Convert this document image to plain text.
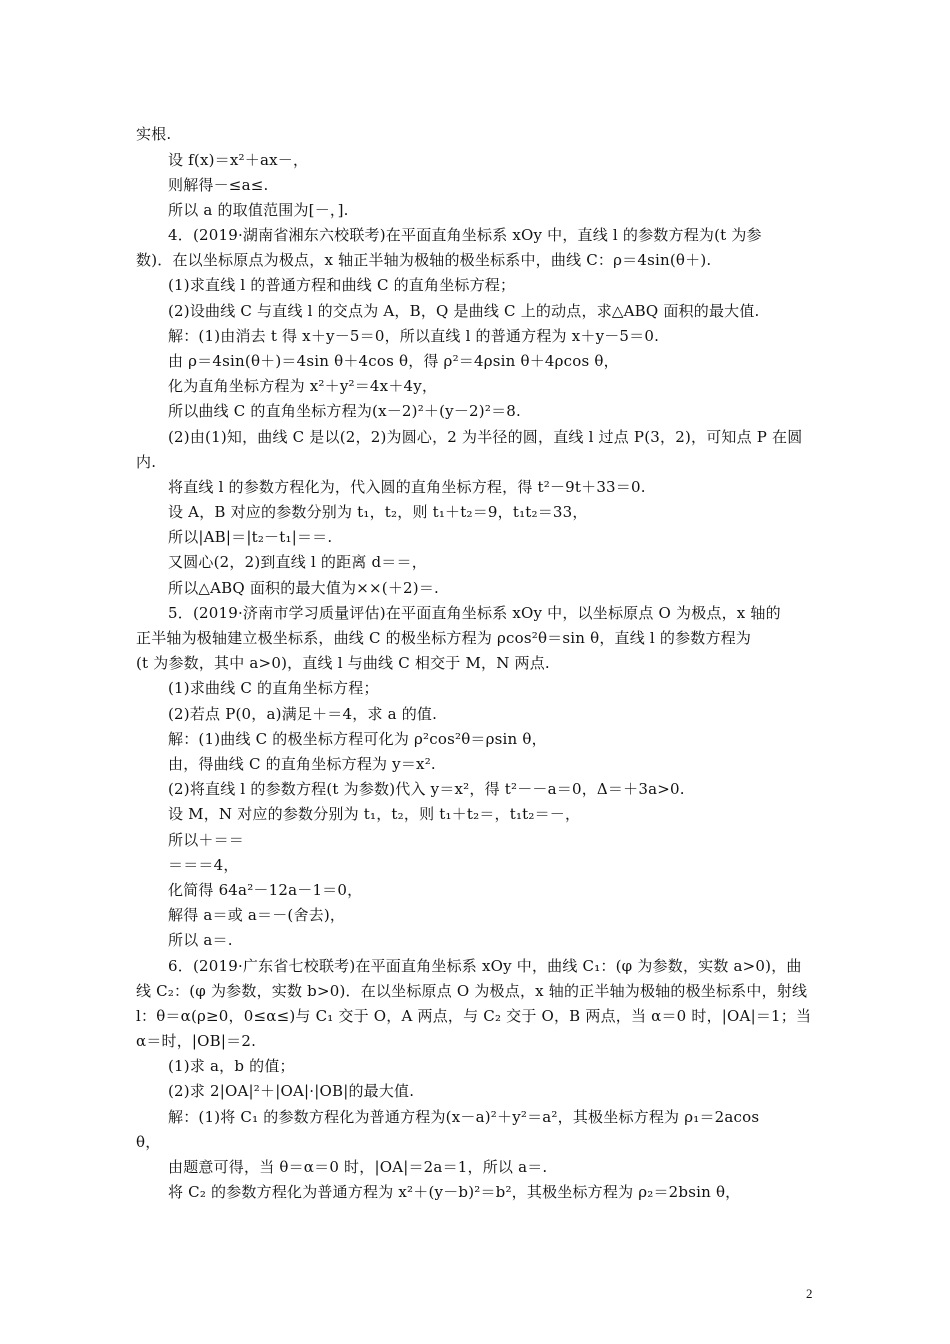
实根.
设 f(x)＝x²＋ax－，
则解得－≤a≤.
所以 a 的取值范围为[－，].
4．(2019·湖南省湘东六校联考)在平面直角坐标系 xOy 中，直线 l 的参数方程为(t 为参
数)．在以坐标原点为极点，x 轴正半轴为极轴的极坐标系中，曲线 C：ρ＝4sin(θ＋).
(1)求直线 l 的普通方程和曲线 C 的直角坐标方程；
(2)设曲线 C 与直线 l 的交点为 A，B，Q 是曲线 C 上的动点，求△ABQ 面积的最大值.
解：(1)由消去 t 得 x＋y－5＝0，所以直线 l 的普通方程为 x＋y－5＝0.
由 ρ＝4sin(θ＋)＝4sin θ＋4cos θ，得 ρ²＝4ρsin θ＋4ρcos θ，
化为直角坐标方程为 x²＋y²＝4x＋4y，
所以曲线 C 的直角坐标方程为(x－2)²＋(y－2)²＝8.
(2)由(1)知，曲线 C 是以(2，2)为圆心，2 为半径的圆，直线 l 过点 P(3，2)，可知点 P 在圆
内.
将直线 l 的参数方程化为，代入圆的直角坐标方程，得 t²－9t＋33＝0.
设 A，B 对应的参数分别为 t₁，t₂，则 t₁＋t₂＝9，t₁t₂＝33，
所以|AB|＝|t₂－t₁|＝＝.
又圆心(2，2)到直线 l 的距离 d＝＝，
所以△ABQ 面积的最大值为××(＋2)＝.
5．(2019·济南市学习质量评估)在平面直角坐标系 xOy 中，以坐标原点 O 为极点，x 轴的
正半轴为极轴建立极坐标系，曲线 C 的极坐标方程为 ρcos²θ＝sin θ，直线 l 的参数方程为
(t 为参数，其中 a>0)，直线 l 与曲线 C 相交于 M，N 两点.
(1)求曲线 C 的直角坐标方程；
(2)若点 P(0，a)满足＋＝4，求 a 的值.
解：(1)曲线 C 的极坐标方程可化为 ρ²cos²θ＝ρsin θ，
由，得曲线 C 的直角坐标方程为 y＝x².
(2)将直线 l 的参数方程(t 为参数)代入 y＝x²，得 t²－－a＝0，Δ＝＋3a>0.
设 M，N 对应的参数分别为 t₁，t₂，则 t₁＋t₂＝，t₁t₂＝－，
所以＋＝＝
＝＝＝4，
化简得 64a²－12a－1＝0，
解得 a＝或 a＝－(舍去)，
所以 a＝.
6．(2019·广东省七校联考)在平面直角坐标系 xOy 中，曲线 C₁：(φ 为参数，实数 a>0)，曲
线 C₂：(φ 为参数，实数 b>0)．在以坐标原点 O 为极点，x 轴的正半轴为极轴的极坐标系中，射线
l：θ＝α(ρ≥0，0≤α≤)与 C₁ 交于 O，A 两点，与 C₂ 交于 O，B 两点，当 α＝0 时，|OA|＝1；当
α＝时，|OB|＝2.
(1)求 a，b 的值；
(2)求 2|OA|²＋|OA|·|OB|的最大值.
解：(1)将 C₁ 的参数方程化为普通方程为(x－a)²＋y²＝a²，其极坐标方程为 ρ₁＝2acos
θ，
由题意可得，当 θ＝α＝0 时，|OA|＝2a＝1，所以 a＝.
将 C₂ 的参数方程化为普通方程为 x²＋(y－b)²＝b²，其极坐标方程为 ρ₂＝2bsin θ，
2
